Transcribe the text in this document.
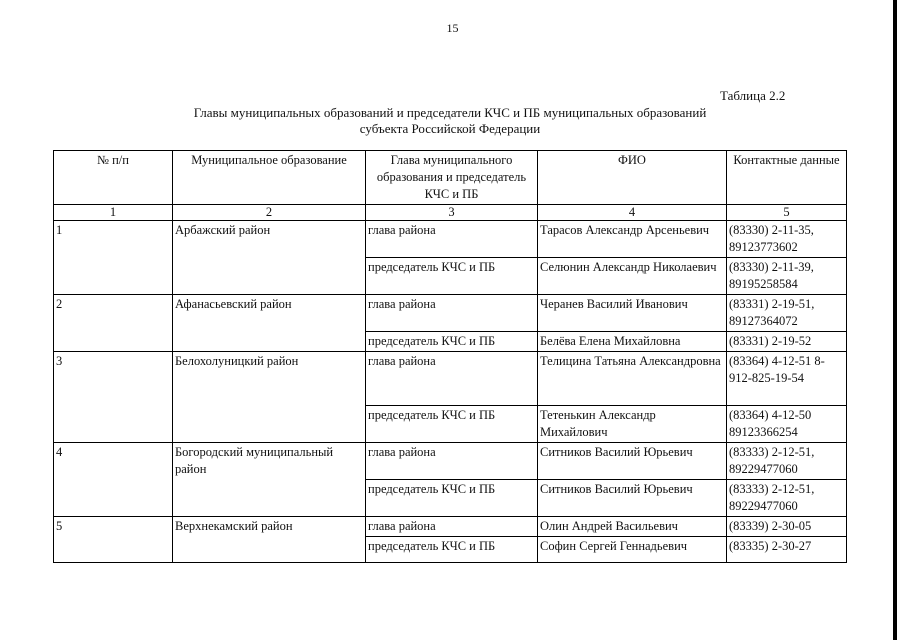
15
Таблица 2.2
Главы муниципальных образований и председатели КЧС и ПБ муниципальных образований
субъекта Российской Федерации
№ п/п	Муниципальное образование	Глава муниципального образования и председатель КЧС и ПБ	ФИО	Контактные данные
1	2	3	4	5
1	Арбажский район	глава района	Тарасов Александр Арсеньевич	(83330) 2-11-35, 89123773602
		председатель КЧС и ПБ	Селюнин Александр Николаевич	(83330) 2-11-39, 89195258584
2	Афанасьевский район	глава района	Черанев Василий Иванович	(83331) 2-19-51, 89127364072
		председатель КЧС и ПБ	Белёва Елена Михайловна	(83331) 2-19-52
3	Белохолуницкий район	глава района	Телицина Татьяна Александровна	(83364) 4-12-51 8-912-825-19-54
		председатель КЧС и ПБ	Тетенькин Александр Михайлович	(83364) 4-12-50 89123366254
4	Богородский муниципальный район	глава района	Ситников Василий Юрьевич	(83333) 2-12-51, 89229477060
		председатель КЧС и ПБ	Ситников Василий Юрьевич	(83333) 2-12-51, 89229477060
5	Верхнекамский район	глава района	Олин Андрей Васильевич	(83339) 2-30-05
		председатель КЧС и ПБ	Софин Сергей Геннадьевич	(83335) 2-30-27
